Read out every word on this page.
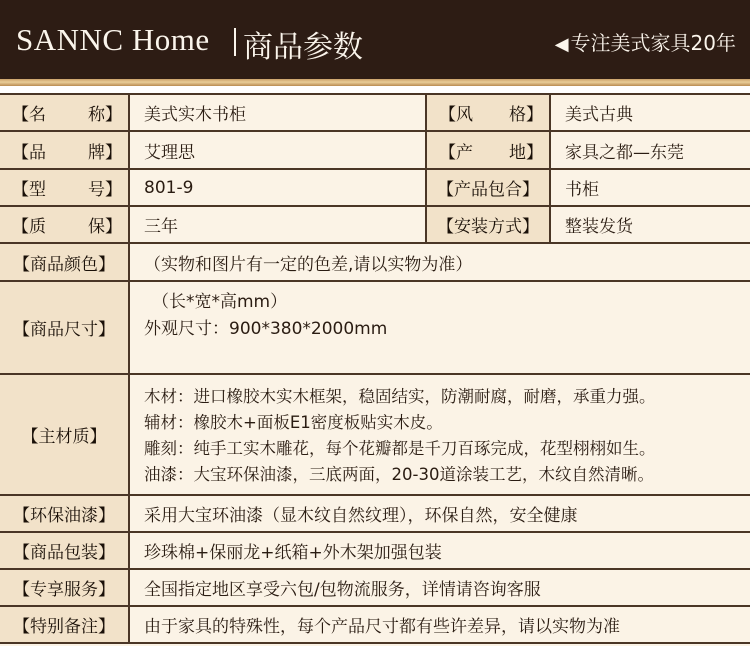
SANNC Home 商品参数	◀ 专注美式家具20年
【名 称】	美式实木书柜	【风 格】	美式古典
【品 牌】	艾理思	【产 地】	家具之都—东莞
【型 号】	801-9	【产品包合】	书柜
【质 保】	三年	【安装方式】	整装发货
【商品颜色】	（实物和图片有一定的色差,请以实物为准）
【商品尺寸】
（长*宽*高mm）
外观尺寸：900*380*2000mm
【主材质】
木材：进口橡胶木实木框架，稳固结实，防潮耐腐，耐磨，承重力强。
辅材：橡胶木+面板E1密度板贴实木皮。
雕刻：纯手工实木雕花，每个花瓣都是千刀百琢完成，花型栩栩如生。
油漆：大宝环保油漆，三底两面，20-30道涂装工艺，木纹自然清晰。
【环保油漆】	采用大宝环油漆（显木纹自然纹理），环保自然，安全健康
【商品包装】	珍珠棉+保丽龙+纸箱+外木架加强包装
【专享服务】	全国指定地区享受六包/包物流服务，详情请咨询客服
【特别备注】	由于家具的特殊性，每个产品尺寸都有些许差异，请以实物为准
